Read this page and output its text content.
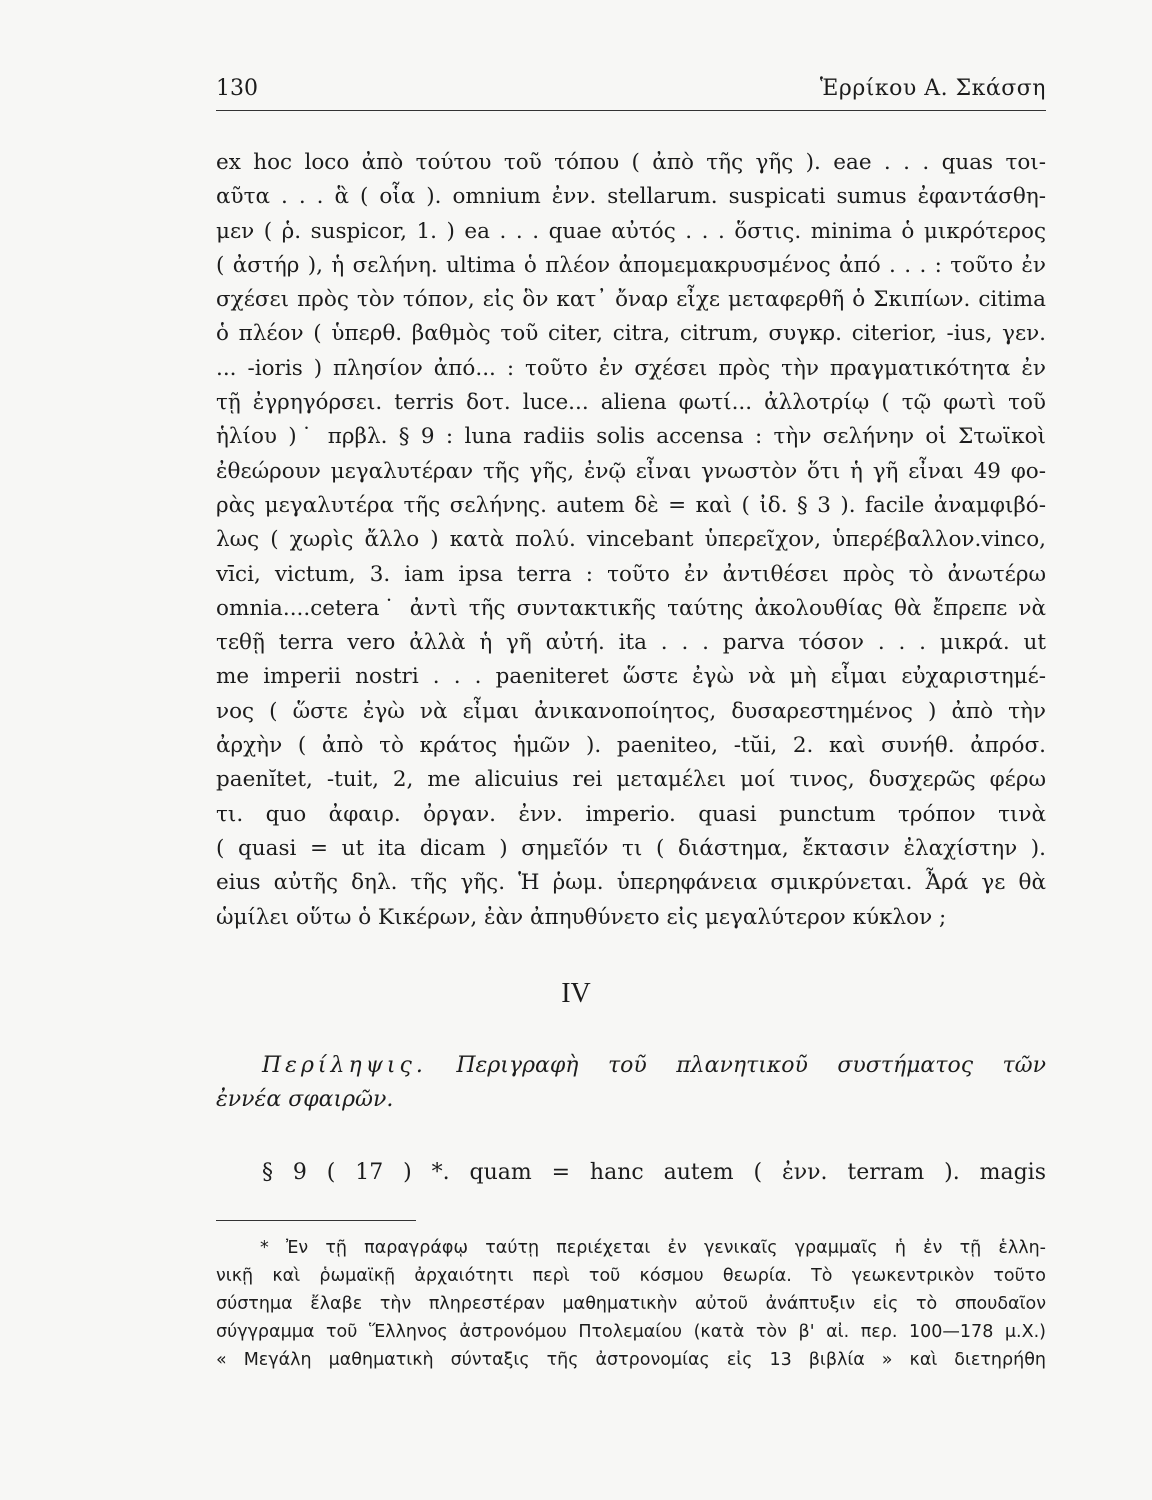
130	Ἑρρίκου Α. Σκάσση
ex hoc loco ἀπὸ τούτου τοῦ τόπου ( ἀπὸ τῆς γῆς ). eae . . . quas τοι-
αῦτα . . . ἃ ( οἷα ). omnium ἐνν. stellarum. suspicati sumus ἐφαντάσθη-
μεν ( ῥ. suspicor, 1. ) ea . . . quae αὐτός . . . ὅστις. minima ὁ μικρότερος
( ἀστήρ ), ἡ σελήνη. ultima ὁ πλέον ἀπομεμακρυσμένος ἀπό . . . : τοῦτο ἐν
σχέσει πρὸς τὸν τόπον, εἰς ὃν κατ᾽ ὄναρ εἶχε μεταφερθῆ ὁ Σκιπίων. citima
ὁ πλέον ( ὑπερθ. βαθμὸς τοῦ citer, citra, citrum, συγκρ. citerior, -ius, γεν.
... -ioris ) πλησίον ἀπό... : τοῦτο ἐν σχέσει πρὸς τὴν πραγματικότητα ἐν
τῇ ἐγρηγόρσει. terris δοτ. luce... aliena φωτί... ἀλλοτρίῳ ( τῷ φωτὶ τοῦ
ἡλίου )˙ πρβλ. § 9 : luna radiis solis accensa : τὴν σελήνην οἱ Στωϊκοὶ
ἐθεώρουν μεγαλυτέραν τῆς γῆς, ἐνῷ εἶναι γνωστὸν ὅτι ἡ γῆ εἶναι 49 φο-
ρὰς μεγαλυτέρα τῆς σελήνης. autem δὲ = καὶ ( ἰδ. § 3 ). facile ἀναμφιβό-
λως ( χωρὶς ἄλλο ) κατὰ πολύ. vincebant ὑπερεῖχον, ὑπερέβαλλον.vinco,
vīci, victum, 3. iam ipsa terra : τοῦτο ἐν ἀντιθέσει πρὸς τὸ ἀνωτέρω
omnia....cetera˙ ἀντὶ τῆς συντακτικῆς ταύτης ἀκολουθίας θὰ ἔπρεπε νὰ
τεθῇ terra vero ἀλλὰ ἡ γῆ αὐτή. ita . . . parva τόσον . . . μικρά. ut
me imperii nostri . . . paeniteret ὥστε ἐγὼ νὰ μὴ εἶμαι εὐχαριστημέ-
νος ( ὥστε ἐγὼ νὰ εἶμαι ἀνικανοποίητος, δυσαρεστημένος ) ἀπὸ τὴν
ἀρχὴν ( ἀπὸ τὸ κράτος ἡμῶν ). paeniteo, -tŭi, 2. καὶ συνήθ. ἀπρόσ.
paenĭtet, -tuit, 2, me alicuius rei μεταμέλει μοί τινος, δυσχερῶς φέρω
τι. quo ἀφαιρ. ὀργαν. ἐνν. imperio. quasi punctum τρόπον τινὰ
( quasi = ut ita dicam ) σημεῖόν τι ( διάστημα, ἔκτασιν ἐλαχίστην ).
eius αὐτῆς δηλ. τῆς γῆς. Ἡ ῥωμ. ὑπερηφάνεια σμικρύνεται. Ἆρά γε θὰ
ὡμίλει οὕτω ὁ Κικέρων, ἐὰν ἀπηυθύνετο εἰς μεγαλύτερον κύκλον ;
IV
Περίληψις. Περιγραφὴ τοῦ πλανητικοῦ συστήματος τῶν
ἐννέα σφαιρῶν.
§ 9 ( 17 ) *. quam = hanc autem ( ἐνν. terram ). magis
* Ἐν τῇ παραγράφῳ ταύτῃ περιέχεται ἐν γενικαῖς γραμμαῖς ἡ ἐν τῇ ἑλλη-
νικῇ καὶ ῥωμαϊκῇ ἀρχαιότητι περὶ τοῦ κόσμου θεωρία. Τὸ γεωκεντρικὸν τοῦτο
σύστημα ἔλαβε τὴν πληρεστέραν μαθηματικὴν αὐτοῦ ἀνάπτυξιν εἰς τὸ σπουδαῖον
σύγγραμμα τοῦ Ἕλληνος ἀστρονόμου Πτολεμαίου (κατὰ τὸν β' αἰ. περ. 100—178 μ.Χ.)
« Μεγάλη μαθηματικὴ σύνταξις τῆς ἀστρονομίας εἰς 13 βιβλία » καὶ διετηρήθη
